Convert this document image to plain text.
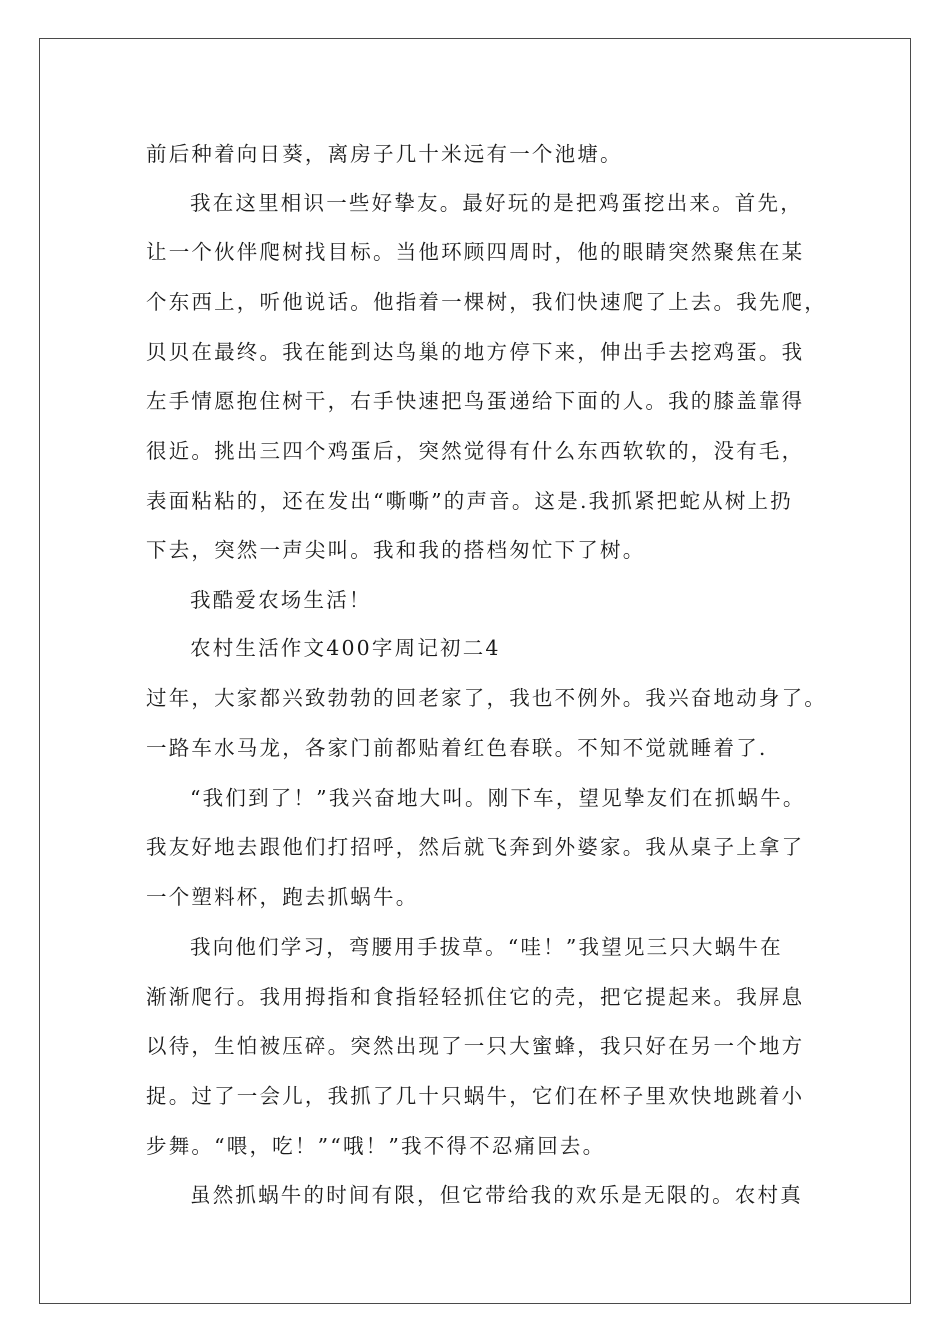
前后种着向日葵，离房子几十米远有一个池塘。

我在这里相识一些好挚友。最好玩的是把鸡蛋挖出来。首先，

让一个伙伴爬树找目标。当他环顾四周时，他的眼睛突然聚焦在某

个东西上，听他说话。他指着一棵树，我们快速爬了上去。我先爬，

贝贝在最终。我在能到达鸟巢的地方停下来，伸出手去挖鸡蛋。我

左手情愿抱住树干，右手快速把鸟蛋递给下面的人。我的膝盖靠得

很近。挑出三四个鸡蛋后，突然觉得有什么东西软软的，没有毛，

表面粘粘的，还在发出“嘶嘶”的声音。这是.我抓紧把蛇从树上扔

下去，突然一声尖叫。我和我的搭档匆忙下了树。

我酷爱农场生活！

农村生活作文400字周记初二4

过年，大家都兴致勃勃的回老家了，我也不例外。我兴奋地动身了。

一路车水马龙，各家门前都贴着红色春联。不知不觉就睡着了.

“我们到了！”我兴奋地大叫。刚下车，望见挚友们在抓蜗牛。

我友好地去跟他们打招呼，然后就飞奔到外婆家。我从桌子上拿了

一个塑料杯，跑去抓蜗牛。

我向他们学习，弯腰用手拔草。“哇！”我望见三只大蜗牛在

渐渐爬行。我用拇指和食指轻轻抓住它的壳，把它提起来。我屏息

以待，生怕被压碎。突然出现了一只大蜜蜂，我只好在另一个地方

捉。过了一会儿，我抓了几十只蜗牛，它们在杯子里欢快地跳着小

步舞。“喂，吃！”“哦！”我不得不忍痛回去。

虽然抓蜗牛的时间有限，但它带给我的欢乐是无限的。农村真
